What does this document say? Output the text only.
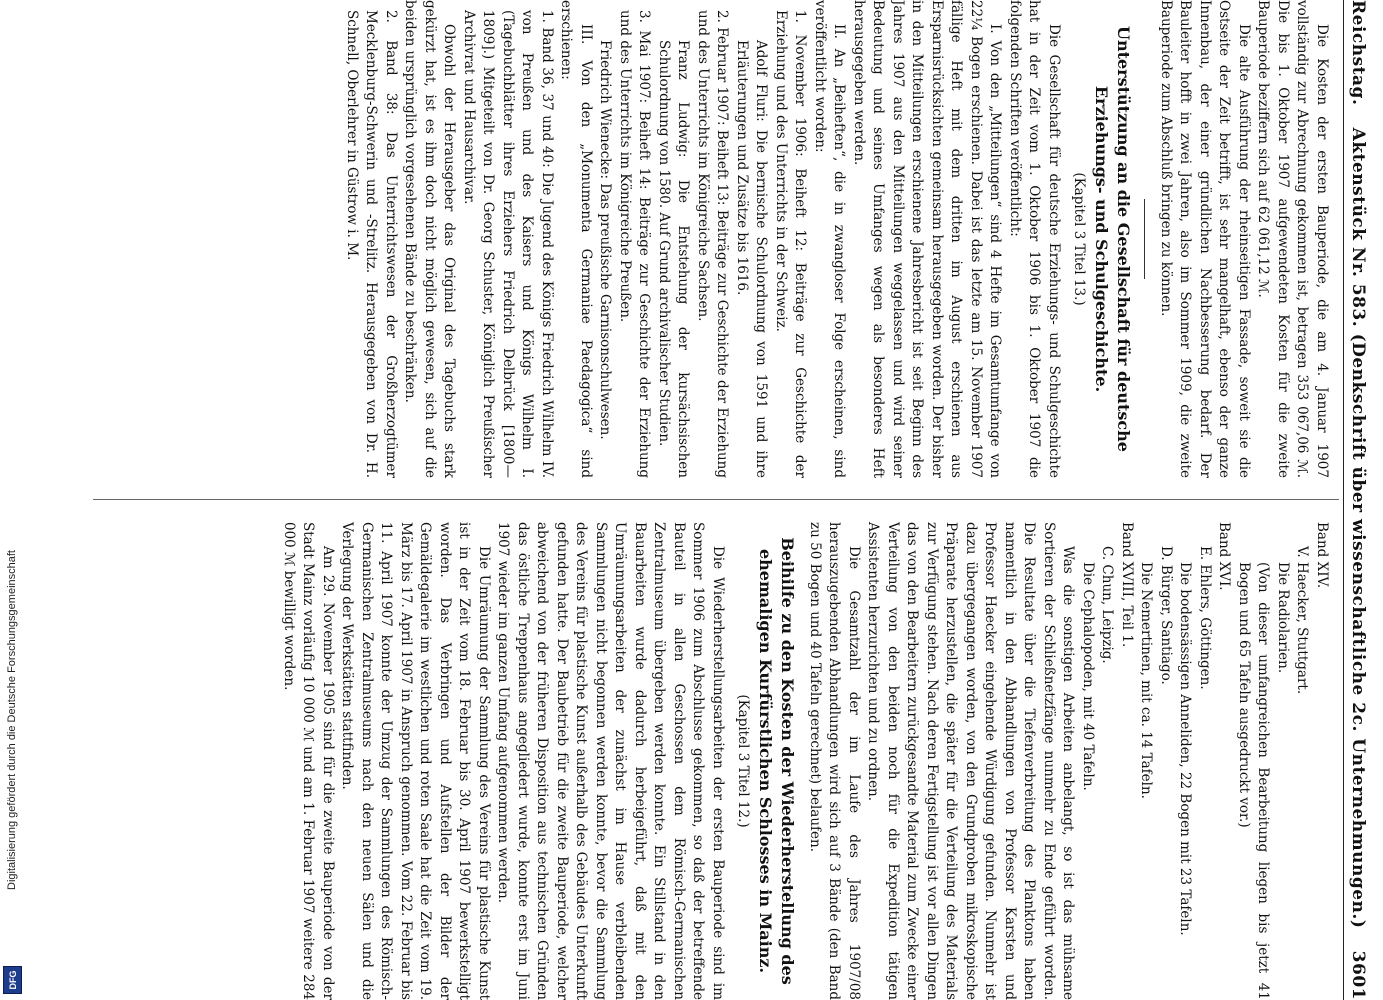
Digitalisierung gefördert durch die Deutsche Forschungsgemeinschaft
DFG
Reichstag.
Aktenstück Nr. 583. (Denkschrift über wissenschaftliche 2c. Unternehmungen.)
3601

Die Kosten der ersten Bauperiode, die am 4. Januar 1907 vollständig zur Abrechnung gekommen ist, betragen 353 067,06 ℳ. Die bis 1. Oktober 1907 aufgewendeten Kosten für die zweite Bauperiode beziffern sich auf 62 061,12 ℳ.

Die alte Ausführung der rheinseitigen Fassade, soweit sie die Ostseite der Zeit betrifft, ist sehr mangelhaft, ebenso der ganze Innenbau, der einer gründlichen Nachbesserung bedarf. Der Bauleiter hofft in zwei Jahren, also im Sommer 1909, die zweite Bauperiode zum Abschluß bringen zu können.

Unterstützung an die Gesellschaft für deutsche Erziehungs- und Schulgeschichte.
(Kapitel 3 Titel 13.)

Die Gesellschaft für deutsche Erziehungs- und Schulgeschichte hat in der Zeit vom 1. Oktober 1906 bis 1. Oktober 1907 die folgenden Schriften veröffentlicht:

I. Von den „Mitteilungen“ sind 4 Hefte im Gesamtumfange von 22¼ Bogen erschienen. Dabei ist das letzte am 15. November 1907 fällige Heft mit dem dritten im August erschienen aus Ersparnisrücksichten gemeinsam herausgegeben worden. Der bisher in den Mitteilungen erschienene Jahresbericht ist seit Beginn des Jahres 1907 aus den Mitteilungen weggelassen und wird seiner Bedeutung und seines Umfanges wegen als besonderes Heft herausgegeben werden.

II. An „Beiheften“, die in zwangloser Folge erscheinen, sind veröffentlicht worden:

1. November 1906: Beiheft 12: Beiträge zur Geschichte der Erziehung und des Unterrichts in der Schweiz.

Adolf Fluri: Die bernische Schulordnung von 1591 und ihre Erläuterungen und Zusätze bis 1616.

2. Februar 1907: Beiheft 13: Beiträge zur Geschichte der Erziehung und des Unterrichts im Königreiche Sachsen.

Franz Ludwig: Die Entstehung der kursächsischen Schulordnung von 1580. Auf Grund archivalischer Studien.

3. Mai 1907: Beiheft 14: Beiträge zur Geschichte der Erziehung und des Unterrichts im Königreiche Preußen.

Friedrich Wienecke: Das preußische Garnisonschulwesen.

III. Von den „Monumenta Germaniae Paedagogica“ sind erschienen:

1. Band 36, 37 und 40: Die Jugend des Königs Friedrich Wilhelm IV. von Preußen und des Kaisers und Königs Wilhelm I. (Tagebuchblätter ihres Erziehers Friedrich Delbrück [1800—1809].) Mitgeteilt von Dr. Georg Schuster, Königlich Preußischer Archivrat und Hausarchivar.

Obwohl der Herausgeber das Original des Tagebuchs stark gekürzt hat, ist es ihm doch nicht möglich gewesen, sich auf die beiden ursprünglich vorgesehenen Bände zu beschränken.

2. Band 38: Das Unterrichtswesen der Großherzogtümer Mecklenburg-Schwerin und -Strelitz. Herausgegeben von Dr. H. Schnell, Oberlehrer in Güstrow i. M.

Band XIV.

V. Haecker, Stuttgart.

Die Radiolarien.

(Von dieser umfangreichen Bearbeitung liegen bis jetzt 41 Bogen und 65 Tafeln ausgedruckt vor.)

Band XVI.

E. Ehlers, Göttingen.

Die bodensässigen Anneliden, 22 Bogen mit 23 Tafeln.

D. Bürger, Santiago.

Die Nemertinen, mit ca. 14 Tafeln.

Band XVIII, Teil 1.

C. Chun, Leipzig.

Die Cephalopoden, mit 40 Tafeln.

Was die sonstigen Arbeiten anbelangt, so ist das mühsame Sortieren der Schließnetzfänge nunmehr zu Ende geführt worden. Die Resultate über die Tiefenverbreitung des Planktons haben namentlich in den Abhandlungen von Professor Karsten und Professor Haecker eingehende Würdigung gefunden. Nunmehr ist dazu übergegangen worden, von den Grundproben mikroskopische Präparate herzustellen, die später für die Verteilung des Materials zur Verfügung stehen. Nach deren Fertigstellung ist vor allen Dingen das von den Bearbeitern zurückgesandte Material zum Zwecke einer Verteilung von den beiden noch für die Expedition tätigen Assistenten herzurichten und zu ordnen.

Die Gesamtzahl der im Laufe des Jahres 1907/08 herauszugebenden Abhandlungen wird sich auf 3 Bände (den Band zu 50 Bogen und 40 Tafeln gerechnet) belaufen.

Beihilfe zu den Kosten der Wiederherstellung des ehemaligen Kurfürstlichen Schlosses in Mainz.
(Kapitel 3 Titel 12.)

Die Wiederherstellungsarbeiten der ersten Bauperiode sind im Sommer 1906 zum Abschlusse gekommen, so daß der betreffende Bauteil in allen Geschossen dem Römisch-Germanischen Zentralmuseum übergeben werden konnte. Ein Stillstand in den Bauarbeiten wurde dadurch herbeigeführt, daß mit den Umräumungsarbeiten der zunächst im Hause verbleibenden Sammlungen nicht begonnen werden konnte, bevor die Sammlung des Vereins für plastische Kunst außerhalb des Gebäudes Unterkunft gefunden hatte. Der Baubetrieb für die zweite Bauperiode, welcher abweichend von der früheren Disposition aus technischen Gründen das östliche Treppenhaus angegliedert wurde, konnte erst im Juni 1907 wieder im ganzen Umfang aufgenommen werden.

Die Umräumung der Sammlung des Vereins für plastische Kunst ist in der Zeit vom 18. Februar bis 30. April 1907 bewerkstelligt worden. Das Verbringen und Aufstellen der Bilder der Gemäldegalerie im westlichen und roten Saale hat die Zeit vom 19. März bis 17. April 1907 in Anspruch genommen. Vom 22. Februar bis 11. April 1907 konnte der Umzug der Sammlungen des Römisch-Germanischen Zentralmuseums nach den neuen Sälen und die Verlegung der Werkstätten stattfinden.

Am 29. November 1905 sind für die zweite Bauperiode von der Stadt Mainz vorläufig 10 000 ℳ und am 1. Februar 1907 weitere 284 000 ℳ bewilligt worden.
